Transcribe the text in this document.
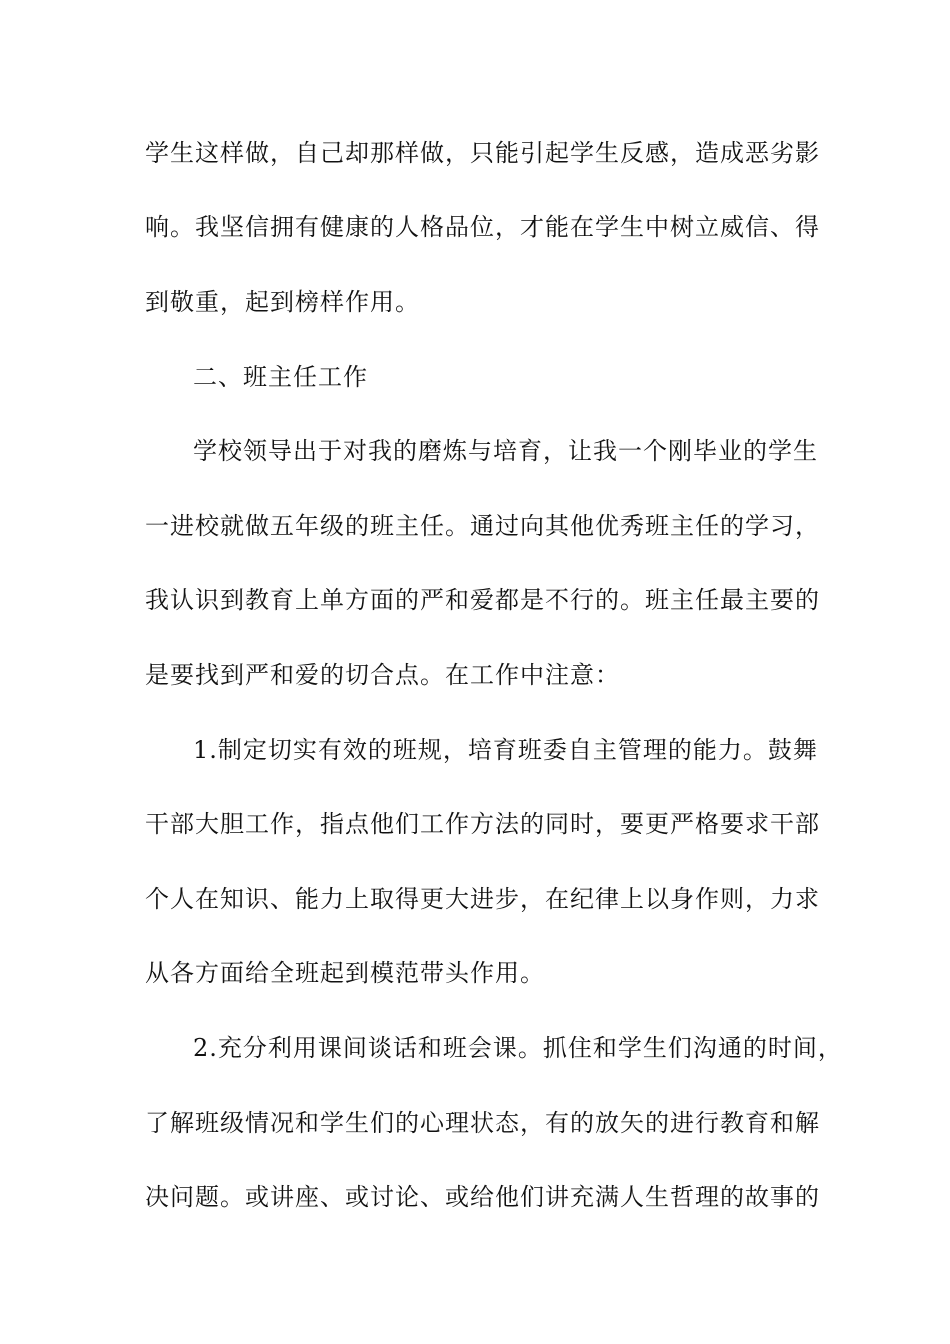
学生这样做，自己却那样做，只能引起学生反感，造成恶劣影
响。我坚信拥有健康的人格品位，才能在学生中树立威信、得
到敬重，起到榜样作用。
二、班主任工作
学校领导出于对我的磨炼与培育，让我一个刚毕业的学生
一进校就做五年级的班主任。通过向其他优秀班主任的学习，
我认识到教育上单方面的严和爱都是不行的。班主任最主要的
是要找到严和爱的切合点。在工作中注意：
1.制定切实有效的班规，培育班委自主管理的能力。鼓舞
干部大胆工作，指点他们工作方法的同时，要更严格要求干部
个人在知识、能力上取得更大进步，在纪律上以身作则，力求
从各方面给全班起到模范带头作用。
2.充分利用课间谈话和班会课。抓住和学生们沟通的时间，
了解班级情况和学生们的心理状态，有的放矢的进行教育和解
决问题。或讲座、或讨论、或给他们讲充满人生哲理的故事的
